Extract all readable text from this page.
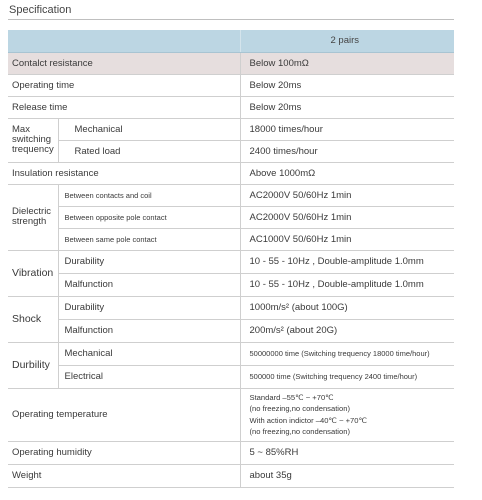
Specification
		2 pairs
Contalct resistance		Below 100mΩ
Operating time		Below 20ms
Release time		Below 20ms
Max switching trequency	Mechanical	18000 times/hour
	Rated load	2400 times/hour
Insulation resistance		Above 1000mΩ
Dielectric strength	Between contacts and coil	AC2000V 50/60Hz 1min
	Between opposite pole contact	AC2000V 50/60Hz 1min
	Between same pole contact	AC1000V 50/60Hz 1min
Vibration	Durability	10 - 55 - 10Hz , Double-amplitude 1.0mm
	Malfunction	10 - 55 - 10Hz , Double-amplitude 1.0mm
Shock	Durability	1000m/s² (about 100G)
	Malfunction	200m/s² (about 20G)
Durbility	Mechanical	50000000 time (Switching trequency 18000 time/hour)
	Electrical	500000 time (Switching trequency 2400 time/hour)
Operating temperature		Standard –55℃ ~ +70℃
(no freezing,no condensation)
With action indictor –40℃ ~ +70℃
(no freezing,no condensation)

Operating humidity		5 ~ 85%RH
Weight		about 35g
